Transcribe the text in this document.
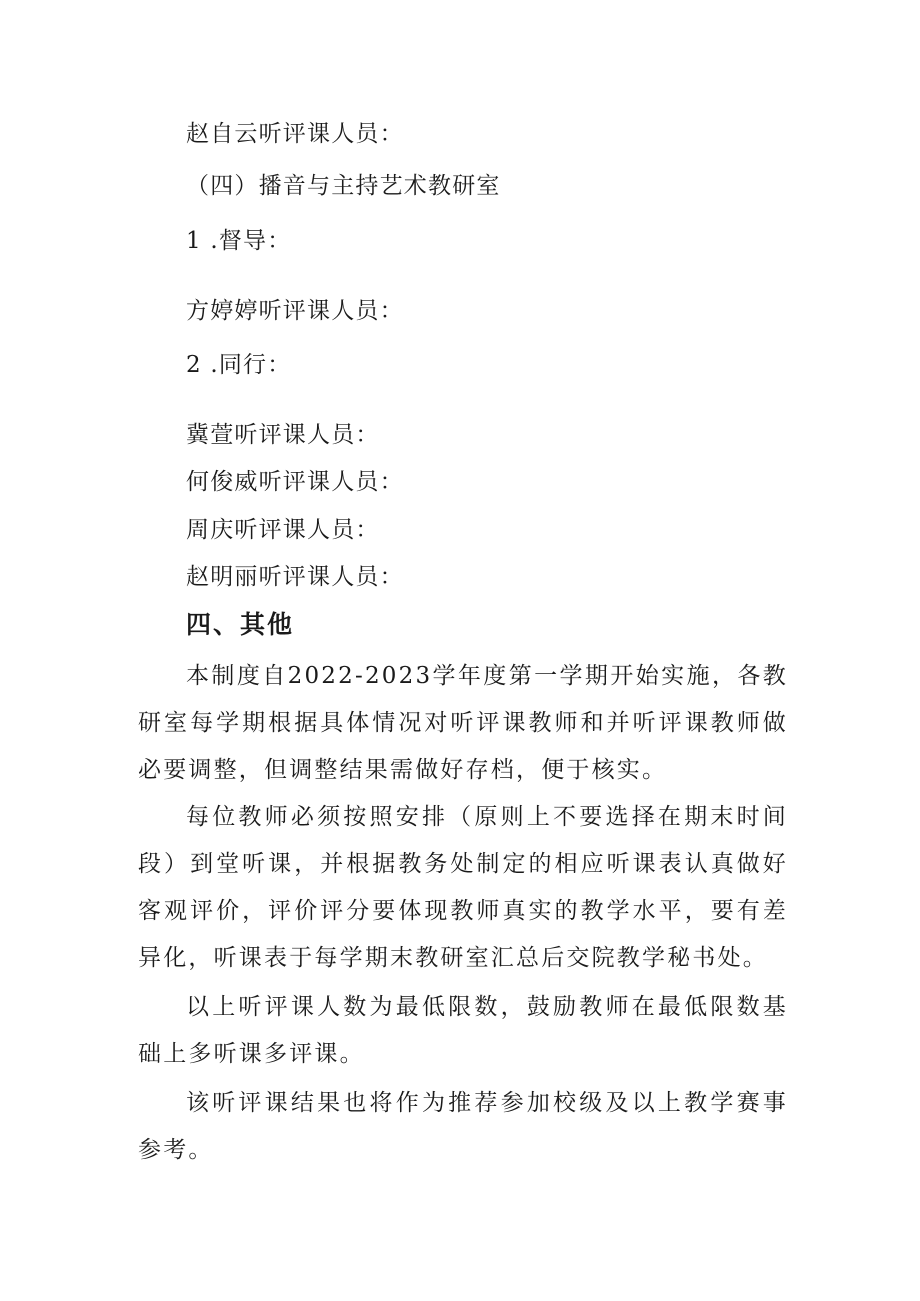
赵自云听评课人员：
（四）播音与主持艺术教研室
1 .督导：
方婷婷听评课人员：
2 .同行：
冀萱听评课人员：
何俊威听评课人员：
周庆听评课人员：
赵明丽听评课人员：
四、其他
本制度自2022-2023学年度第一学期开始实施，各教研室每学期根据具体情况对听评课教师和并听评课教师做必要调整，但调整结果需做好存档，便于核实。
每位教师必须按照安排（原则上不要选择在期末时间段）到堂听课，并根据教务处制定的相应听课表认真做好客观评价，评价评分要体现教师真实的教学水平，要有差异化，听课表于每学期末教研室汇总后交院教学秘书处。
以上听评课人数为最低限数，鼓励教师在最低限数基础上多听课多评课。
该听评课结果也将作为推荐参加校级及以上教学赛事参考。
